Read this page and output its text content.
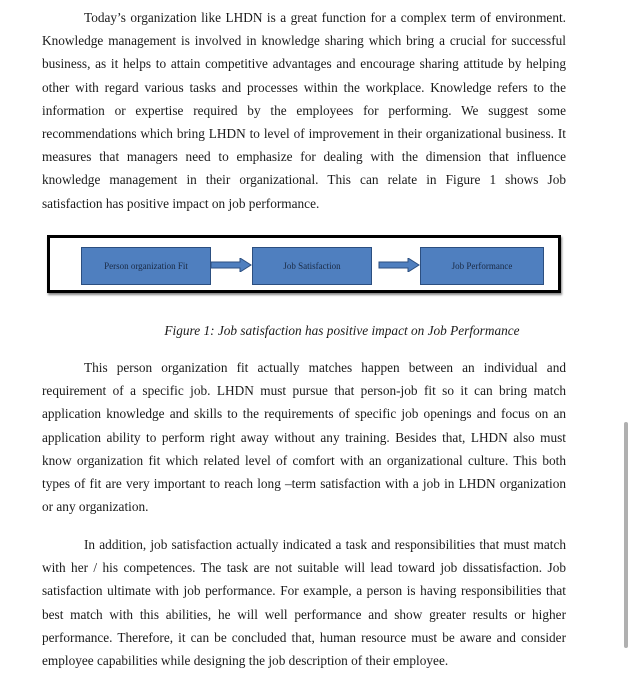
Today’s organization like LHDN is a great function for a complex term of environment.
Knowledge management is involved in knowledge sharing which bring a crucial for successful
business, as it helps to attain competitive advantages and encourage sharing attitude by helping
other with regard various tasks and processes within the workplace. Knowledge refers to the
information or expertise required by the employees for performing. We suggest some
recommendations which bring LHDN to level of improvement in their organizational business. It
measures that managers need to emphasize for dealing with the dimension that influence
knowledge management in their organizational. This can relate in Figure 1 shows Job
satisfaction has positive impact on job performance.
Person organization Fit	Job Satisfaction	Job Performance
Figure 1: Job satisfaction has positive impact on Job Performance
This person organization fit actually matches happen between an individual and
requirement of a specific job. LHDN must pursue that person-job fit so it can bring match
application knowledge and skills to the requirements of specific job openings and focus on an
application ability to perform right away without any training. Besides that, LHDN also must
know organization fit which related level of comfort with an organizational culture. This both
types of fit are very important to reach long –term satisfaction with a job in LHDN organization
or any organization.
In addition, job satisfaction actually indicated a task and responsibilities that must match
with her / his competences. The task are not suitable will lead toward job dissatisfaction. Job
satisfaction ultimate with job performance. For example, a person is having responsibilities that
best match with this abilities, he will well performance and show greater results or higher
performance. Therefore, it can be concluded that, human resource must be aware and consider
employee capabilities while designing the job description of their employee.
